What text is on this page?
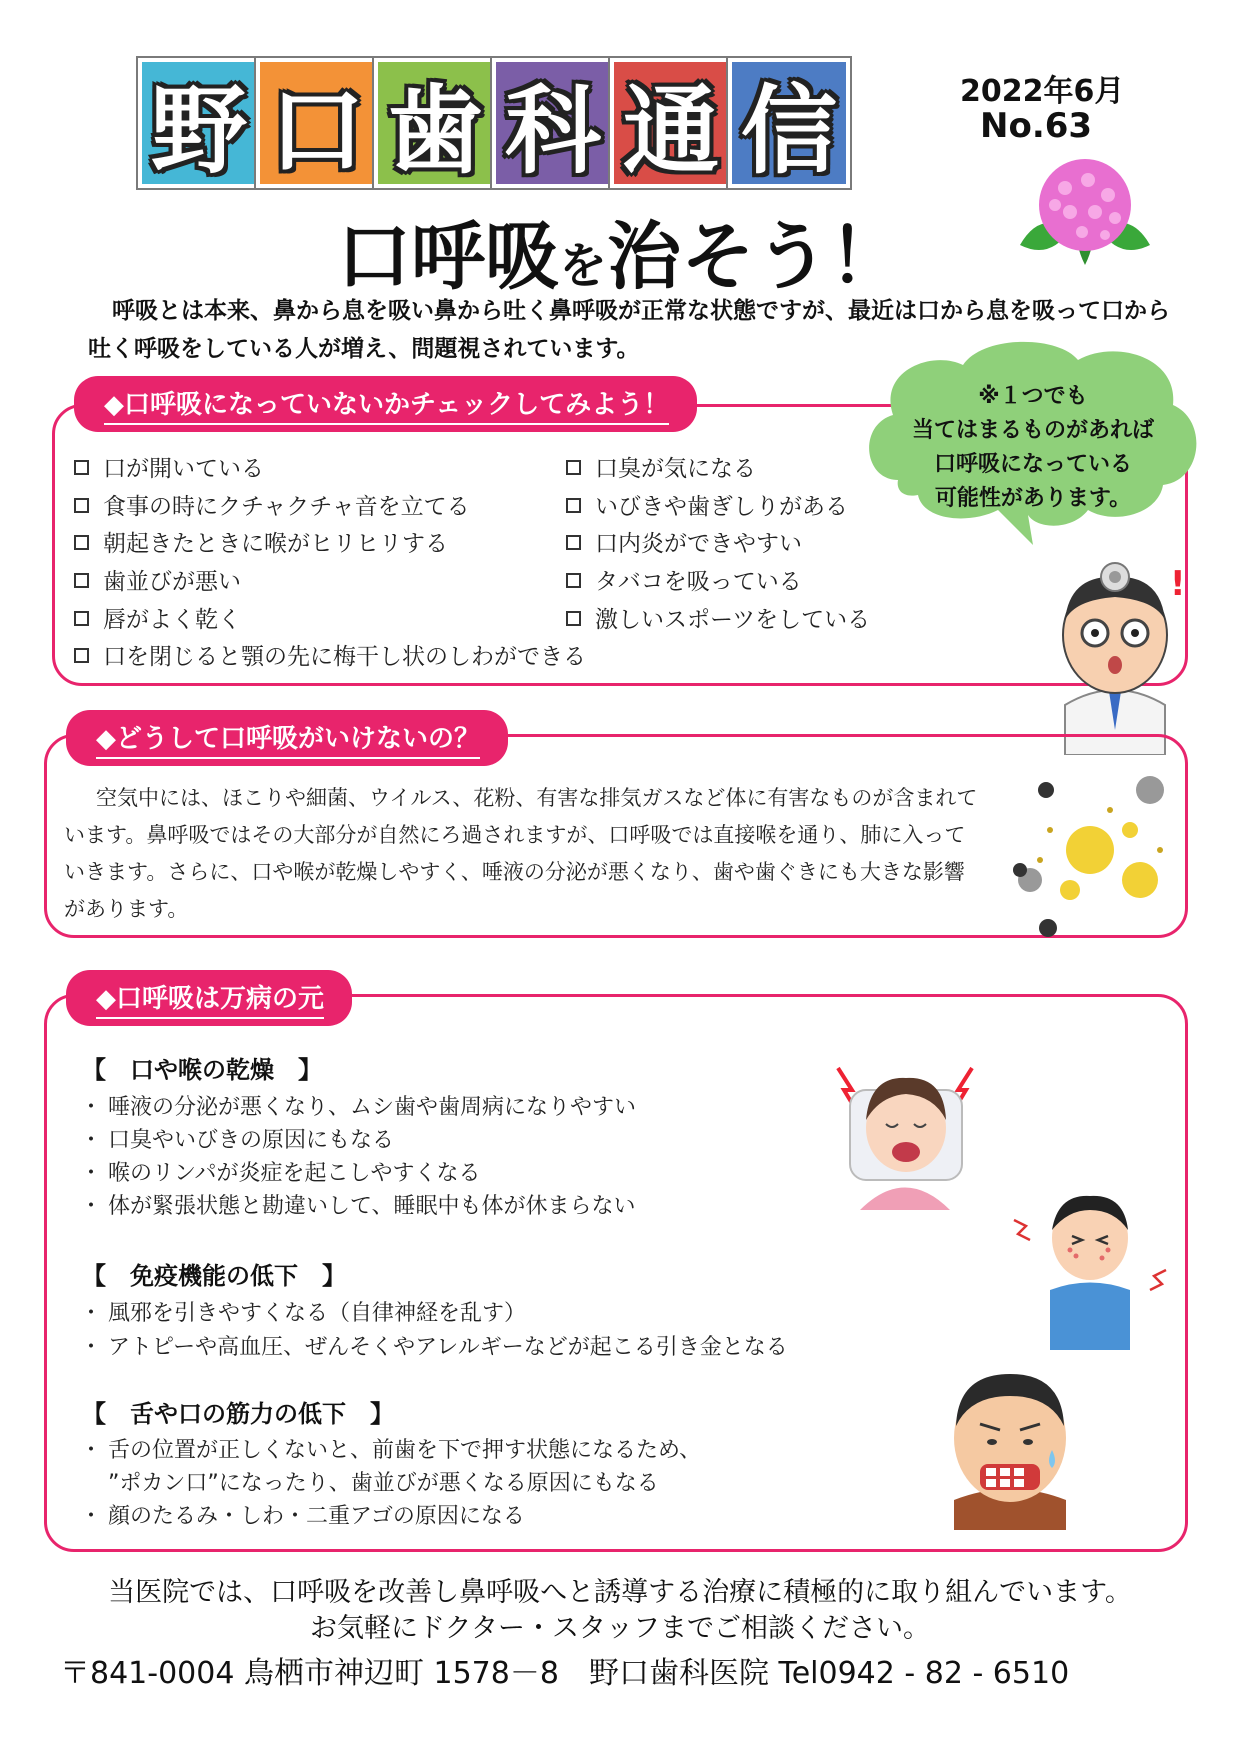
野 口 歯 科 通 信	2022年6月
No.63
口呼吸を治そう！
呼吸とは本来、鼻から息を吸い鼻から吐く鼻呼吸が正常な状態ですが、最近は口から息を吸って口から吐く呼吸をしている人が増え、問題視されています。
◆口呼吸になっていないかチェックしてみよう！	※１つでも
当てはまるものがあれば
口呼吸になっている
可能性があります。
口が開いている
食事の時にクチャクチャ音を立てる
朝起きたときに喉がヒリヒリする
歯並びが悪い
唇がよく乾く
口を閉じると顎の先に梅干し状のしわができる
口臭が気になる
いびきや歯ぎしりがある
口内炎ができやすい
タバコを吸っている
激しいスポーツをしている
!
◆どうして口呼吸がいけないの？
空気中には、ほこりや細菌、ウイルス、花粉、有害な排気ガスなど体に有害なものが含まれています。鼻呼吸ではその大部分が自然にろ過されますが、口呼吸では直接喉を通り、肺に入っていきます。さらに、口や喉が乾燥しやすく、唾液の分泌が悪くなり、歯や歯ぐきにも大きな影響があります。
◆口呼吸は万病の元
【　口や喉の乾燥　】
・ 唾液の分泌が悪くなり、ムシ歯や歯周病になりやすい
・ 口臭やいびきの原因にもなる
・ 喉のリンパが炎症を起こしやすくなる
・ 体が緊張状態と勘違いして、睡眠中も体が休まらない
【　免疫機能の低下　】
・ 風邪を引きやすくなる（自律神経を乱す）
・ アトピーや高血圧、ぜんそくやアレルギーなどが起こる引き金となる
【　舌や口の筋力の低下　】
・ 舌の位置が正しくないと、前歯を下で押す状態になるため、
”ポカン口”になったり、歯並びが悪くなる原因にもなる
・ 顔のたるみ・しわ・二重アゴの原因になる
当医院では、口呼吸を改善し鼻呼吸へと誘導する治療に積極的に取り組んでいます。
お気軽にドクター・スタッフまでご相談ください。
〒841-0004 鳥栖市神辺町 1578－8　野口歯科医院 Tel0942 - 82 - 6510
